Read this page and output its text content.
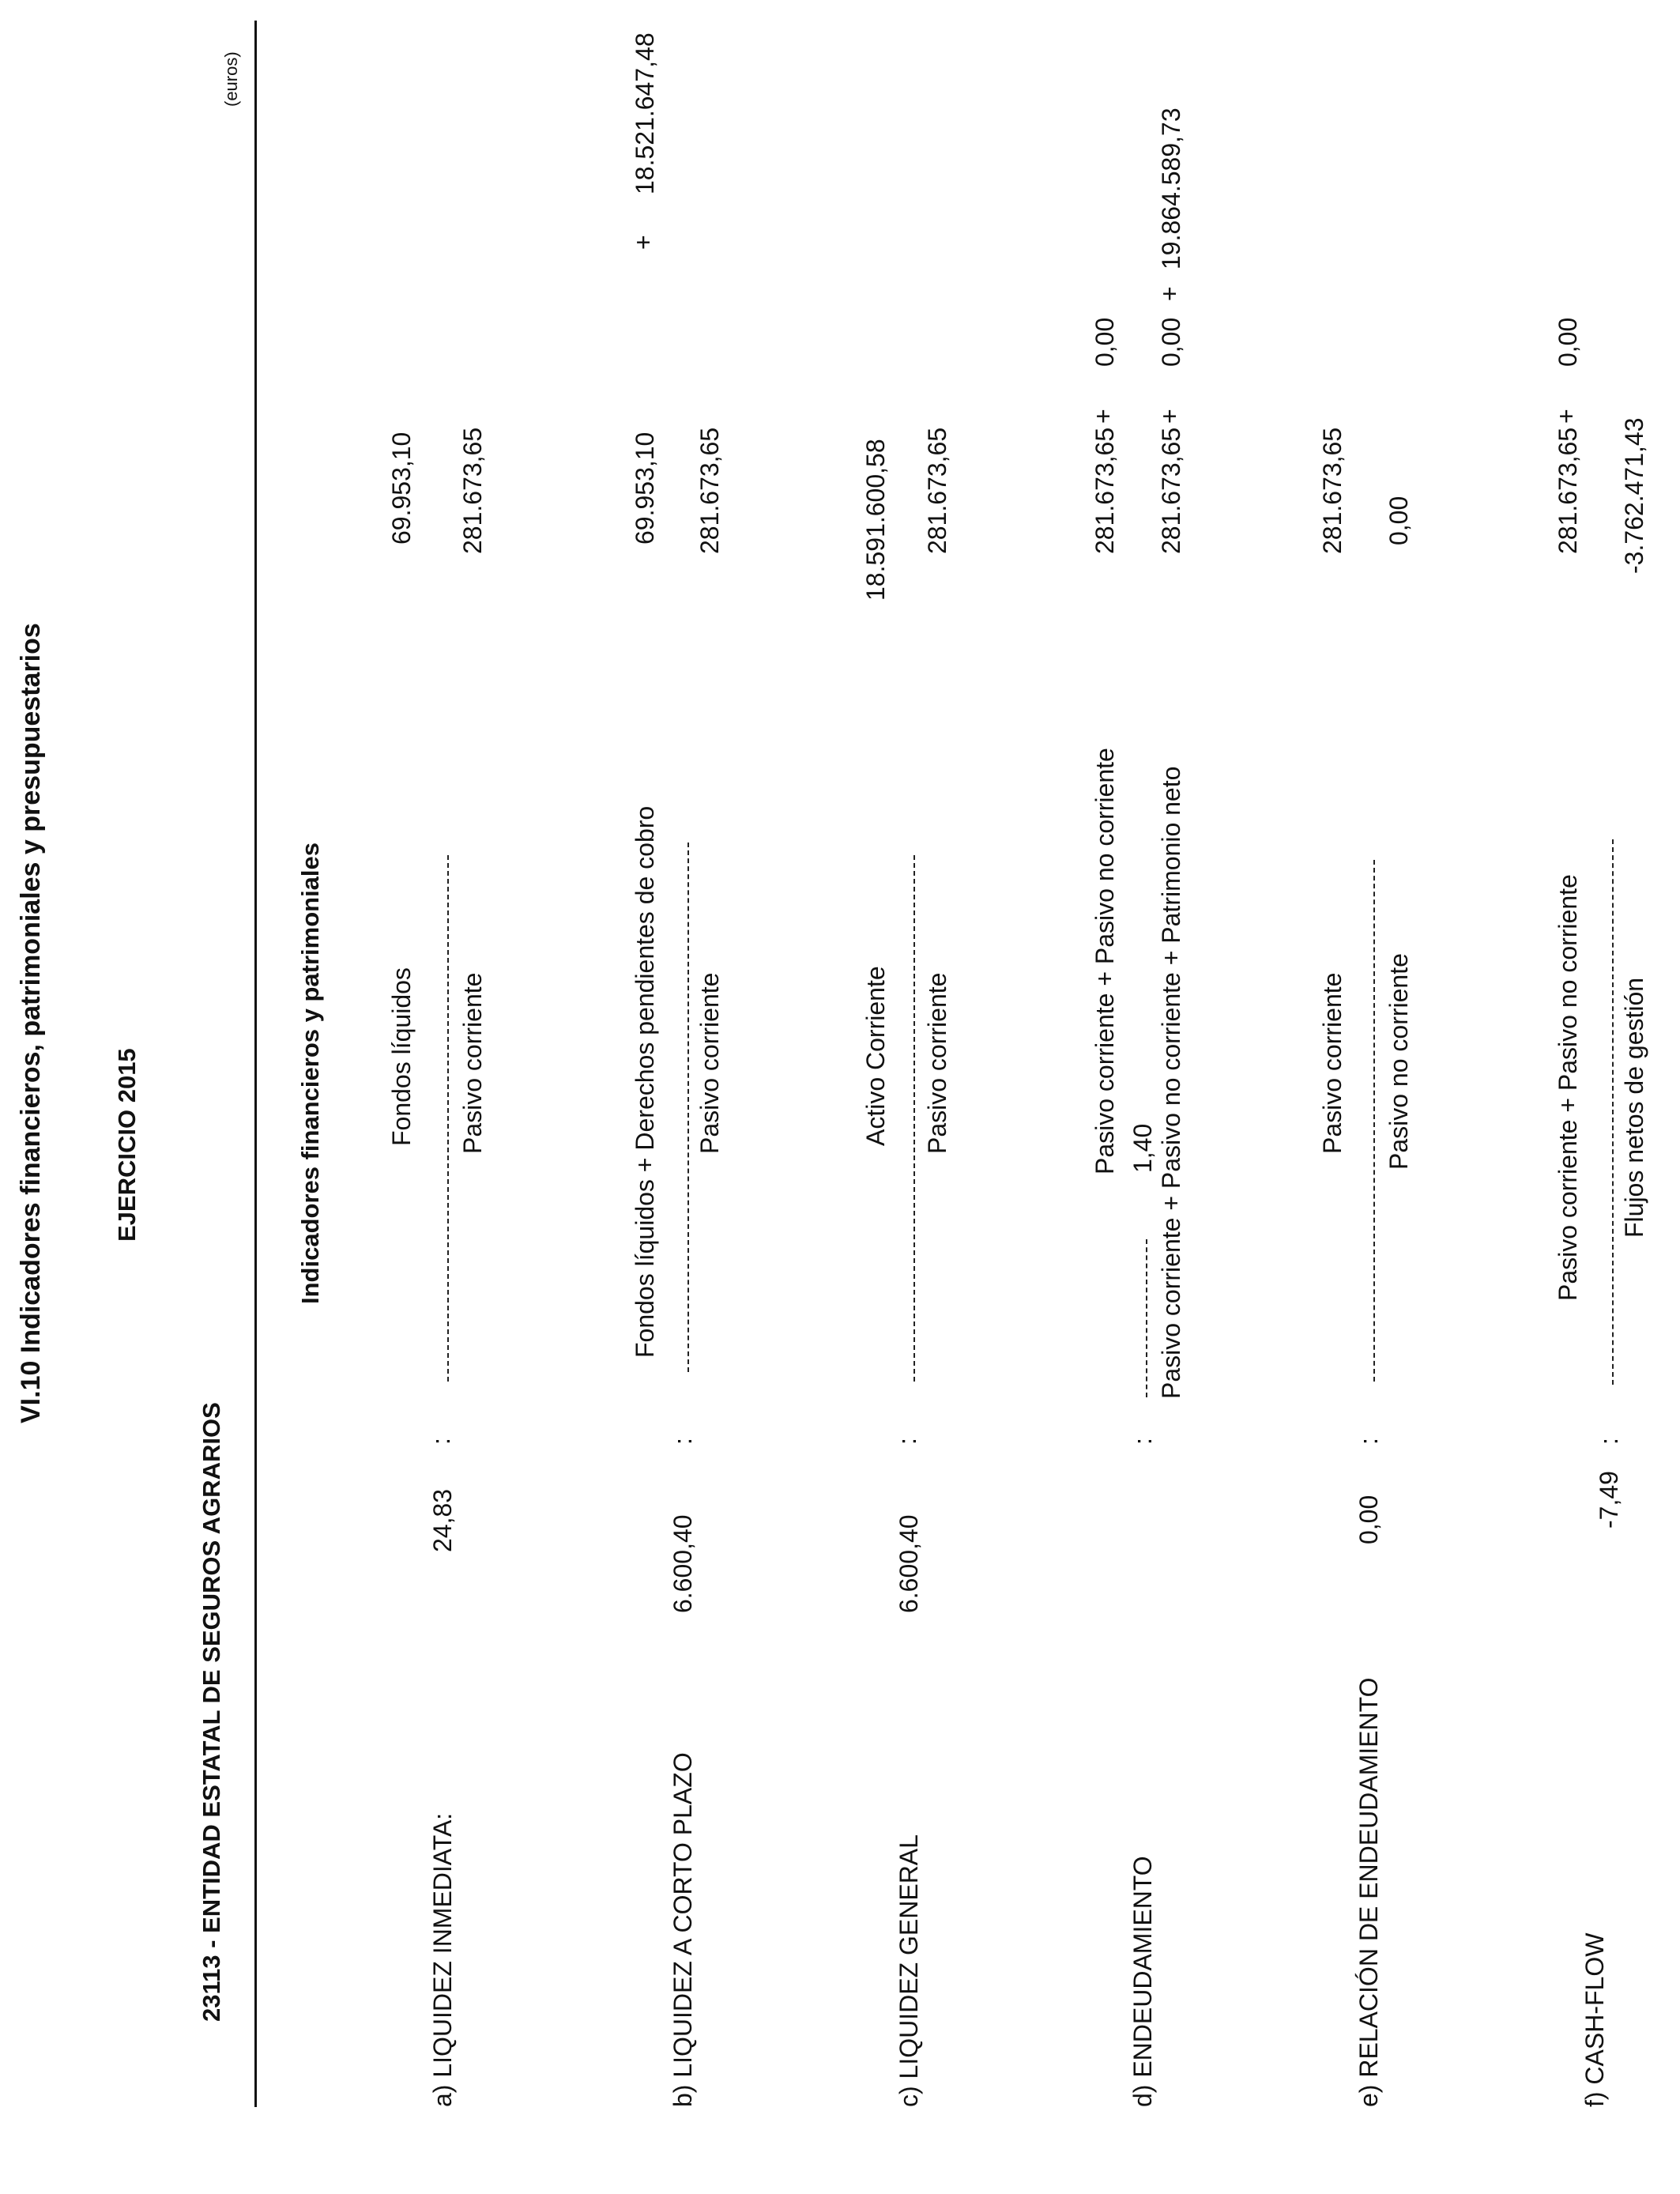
VI.10 Indicadores financieros, patrimoniales y presupuestarios	EJERCICIO 2015
23113 - ENTIDAD ESTATAL DE SEGUROS AGRARIOS
Indicadores financieros y patrimoniales
(euros)
a) LIQUIDEZ INMEDIATA:
24,83
:
Fondos líquidos Pasivo corriente
69.953,10 281.673,65
b) LIQUIDEZ A CORTO PLAZO
6.600,40
:
Fondos líquidos + Derechos pendientes de cobro Pasivo corriente
69.953,10
+
18.521.647,48
281.673,65
c) LIQUIDEZ GENERAL
6.600,40
:
Activo Corriente Pasivo corriente
18.591.600,58 281.673,65
d) ENDEUDAMIENTO
1,40
:
Pasivo corriente + Pasivo no corriente Pasivo corriente + Pasivo no corriente + Patrimonio neto
281.673,65
+
0,00
281.673,65
+
0,00
+
19.864.589,73
e) RELACIÓN DE ENDEUDAMIENTO
0,00
:
Pasivo corriente Pasivo no corriente
281.673,65 0,00
f) CASH-FLOW
-7,49
:
Pasivo corriente + Pasivo no corriente Flujos netos de gestión
281.673,65
+
0,00
-3.762.471,43
